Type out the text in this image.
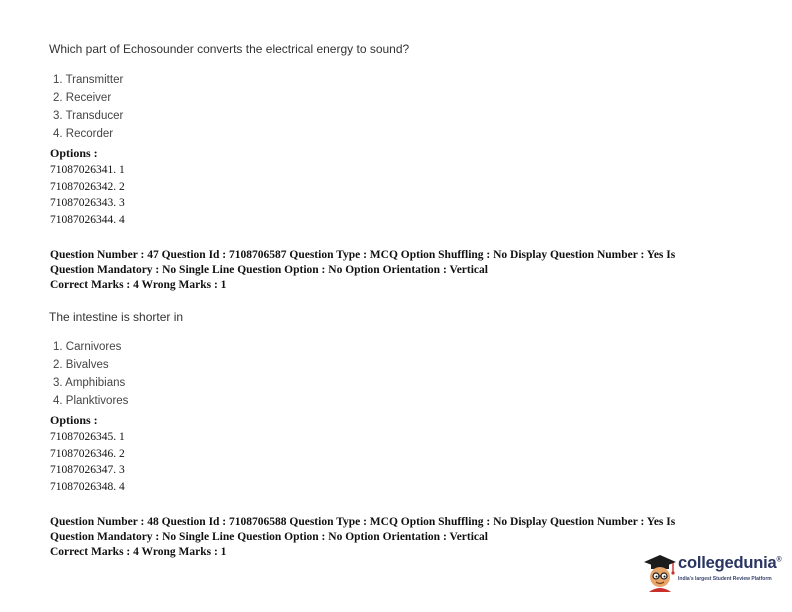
Which part of Echosounder converts the electrical energy to sound?
1. Transmitter
2. Receiver
3. Transducer
4. Recorder
Options :
71087026341. 1
71087026342. 2
71087026343. 3
71087026344. 4
Question Number : 47 Question Id : 7108706587 Question Type : MCQ Option Shuffling : No Display Question Number : Yes Is
Question Mandatory : No Single Line Question Option : No Option Orientation : Vertical
Correct Marks : 4 Wrong Marks : 1
The intestine is shorter in
1. Carnivores
2. Bivalves
3. Amphibians
4. Planktivores
Options :
71087026345. 1
71087026346. 2
71087026347. 3
71087026348. 4
Question Number : 48 Question Id : 7108706588 Question Type : MCQ Option Shuffling : No Display Question Number : Yes Is
Question Mandatory : No Single Line Question Option : No Option Orientation : Vertical
Correct Marks : 4 Wrong Marks : 1
collegedunia®
India's largest Student Review Platform
